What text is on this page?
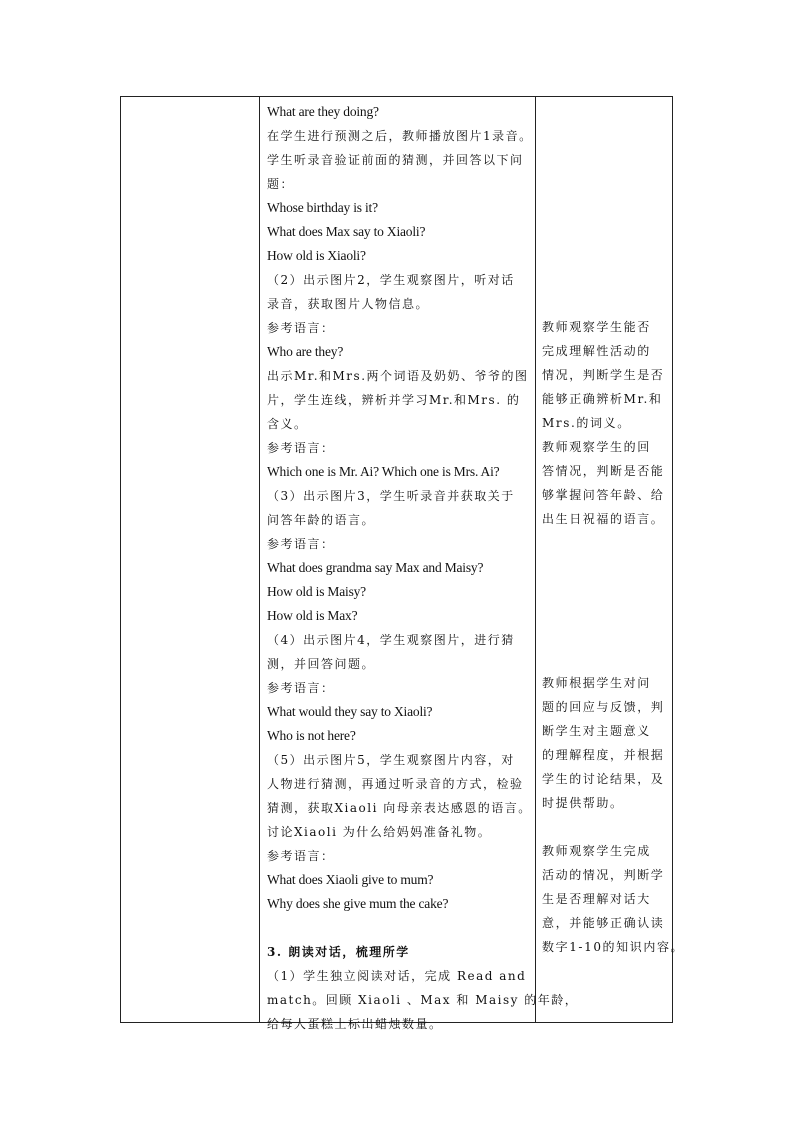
What are they doing?
在学生进行预测之后，教师播放图片1录音。
学生听录音验证前面的猜测，并回答以下问
题：
Whose birthday is it?
What does Max say to Xiaoli?
How old is Xiaoli?
（2）出示图片2，学生观察图片，听对话
录音，获取图片人物信息。
参考语言：
Who are they?
出示Mr.和Mrs.两个词语及奶奶、爷爷的图
片，学生连线，辨析并学习Mr.和Mrs. 的
含义。
参考语言：
Which one is Mr. Ai? Which one is Mrs. Ai?
（3）出示图片3，学生听录音并获取关于
问答年龄的语言。
参考语言：
What does grandma say Max and Maisy?
How old is Maisy?
How old is Max?
（4）出示图片4，学生观察图片，进行猜
测，并回答问题。
参考语言：
What would they say to Xiaoli?
Who is not here?
（5）出示图片5，学生观察图片内容，对
人物进行猜测，再通过听录音的方式，检验
猜测，获取Xiaoli 向母亲表达感恩的语言。
讨论Xiaoli 为什么给妈妈准备礼物。
参考语言：
What does Xiaoli give to mum?
Why does she give mum the cake?
3. 朗读对话，梳理所学
（1）学生独立阅读对话，完成 Read and
match。回顾 Xiaoli 、Max 和 Maisy 的年龄，
给每人蛋糕上标出蜡烛数量。
教师观察学生能否
完成理解性活动的
情况，判断学生是否
能够正确辨析Mr.和
Mrs.的词义。
教师观察学生的回
答情况，判断是否能
够掌握问答年龄、给
出生日祝福的语言。
教师根据学生对问
题的回应与反馈，判
断学生对主题意义
的理解程度，并根据
学生的讨论结果，及
时提供帮助。
教师观察学生完成
活动的情况，判断学
生是否理解对话大
意，并能够正确认读
数字1-10的知识内容。
